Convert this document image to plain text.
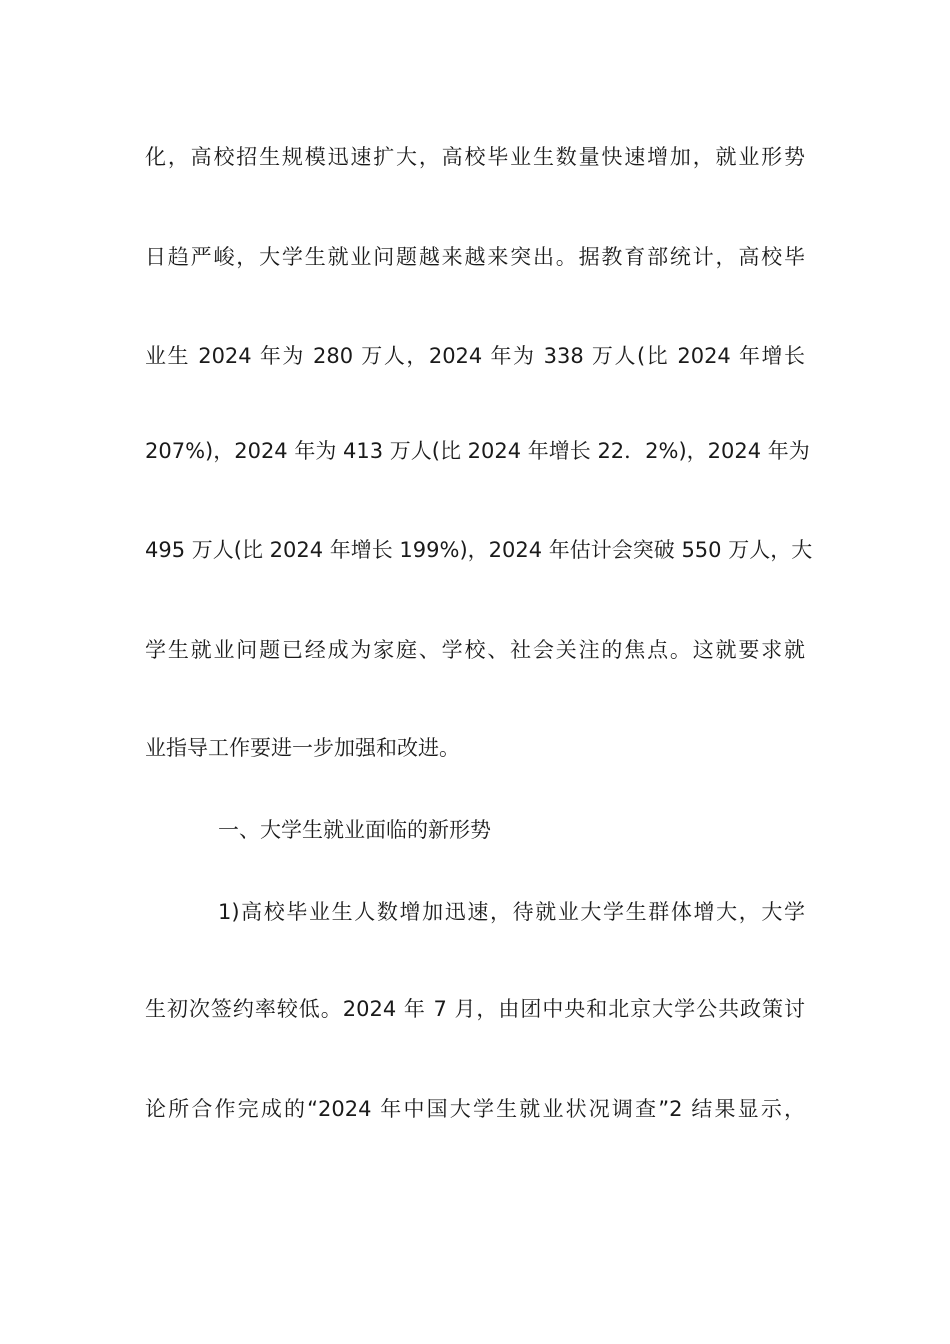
化，高校招生规模迅速扩大，高校毕业生数量快速增加，就业形势
日趋严峻，大学生就业问题越来越来突出。据教育部统计，高校毕
业生 2024 年为 280 万人，2024 年为 338 万人(比 2024 年增长
207%)，2024 年为 413 万人(比 2024 年增长 22．2%)，2024 年为
495 万人(比 2024 年增长 199%)，2024 年估计会突破 550 万人，大
学生就业问题已经成为家庭、学校、社会关注的焦点。这就要求就
业指导工作要进一步加强和改进。
一、大学生就业面临的新形势
1)高校毕业生人数增加迅速，待就业大学生群体增大，大学
生初次签约率较低。2024 年 7 月，由团中央和北京大学公共政策讨
论所合作完成的“2024 年中国大学生就业状况调查”2 结果显示，
